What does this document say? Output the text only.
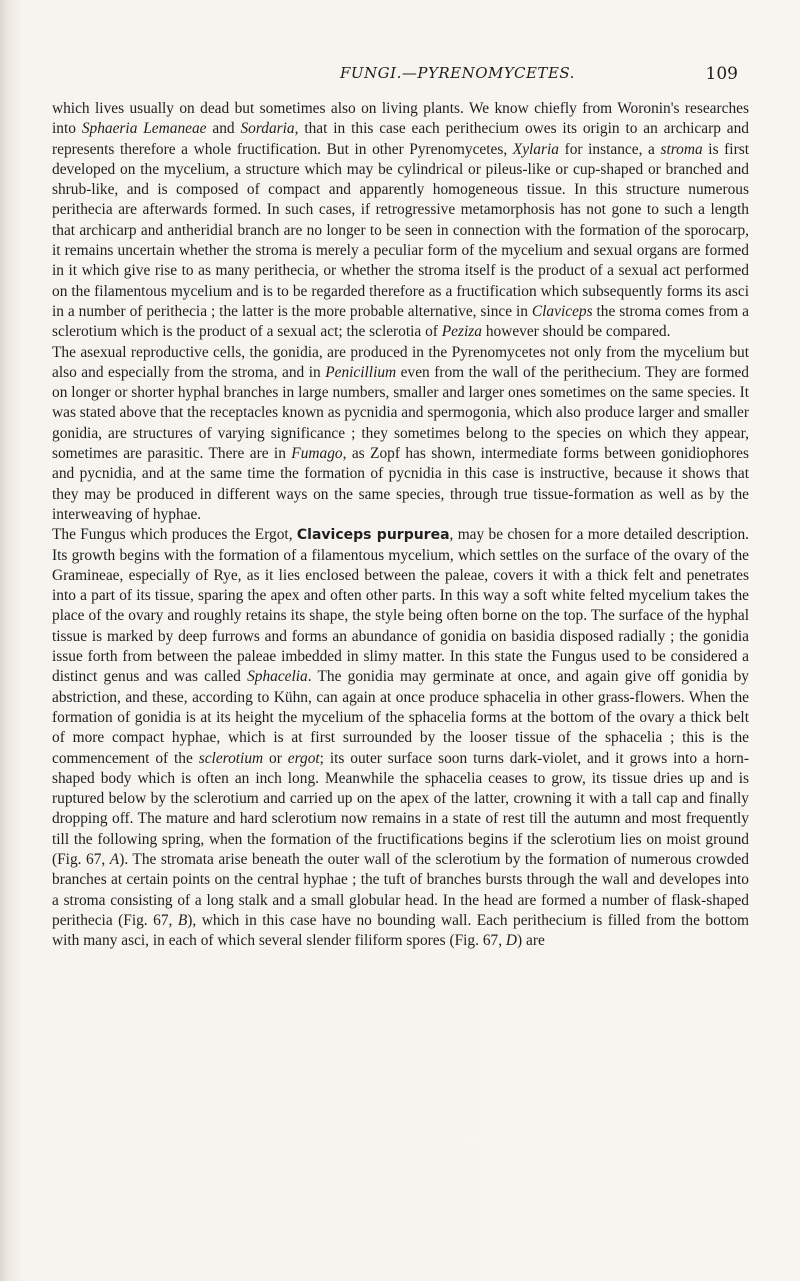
FUNGI.—PYRENOMYCETES.	109

which lives usually on dead but sometimes also on living plants. We know chiefly from Woronin's researches into Sphaeria Lemaneae and Sordaria, that in this case each perithecium owes its origin to an archicarp and represents therefore a whole fructification. But in other Pyrenomycetes, Xylaria for instance, a stroma is first developed on the mycelium, a structure which may be cylindrical or pileus-like or cup-shaped or branched and shrub-like, and is composed of compact and apparently homogeneous tissue. In this structure numerous perithecia are afterwards formed. In such cases, if retrogressive metamorphosis has not gone to such a length that archicarp and antheridial branch are no longer to be seen in connection with the formation of the sporocarp, it remains uncertain whether the stroma is merely a peculiar form of the mycelium and sexual organs are formed in it which give rise to as many perithecia, or whether the stroma itself is the product of a sexual act performed on the filamentous mycelium and is to be regarded therefore as a fructification which subsequently forms its asci in a number of perithecia ; the latter is the more probable alternative, since in Claviceps the stroma comes from a sclerotium which is the product of a sexual act; the sclerotia of Peziza however should be compared.

The asexual reproductive cells, the gonidia, are produced in the Pyrenomycetes not only from the mycelium but also and especially from the stroma, and in Penicillium even from the wall of the perithecium. They are formed on longer or shorter hyphal branches in large numbers, smaller and larger ones sometimes on the same species. It was stated above that the receptacles known as pycnidia and spermogonia, which also produce larger and smaller gonidia, are structures of varying significance ; they sometimes belong to the species on which they appear, sometimes are parasitic. There are in Fumago, as Zopf has shown, intermediate forms between gonidiophores and pycnidia, and at the same time the formation of pycnidia in this case is instructive, because it shows that they may be produced in different ways on the same species, through true tissue-formation as well as by the interweaving of hyphae.

The Fungus which produces the Ergot, Claviceps purpurea, may be chosen for a more detailed description. Its growth begins with the formation of a filamentous mycelium, which settles on the surface of the ovary of the Gramineae, especially of Rye, as it lies enclosed between the paleae, covers it with a thick felt and penetrates into a part of its tissue, sparing the apex and often other parts. In this way a soft white felted mycelium takes the place of the ovary and roughly retains its shape, the style being often borne on the top. The surface of the hyphal tissue is marked by deep furrows and forms an abundance of gonidia on basidia disposed radially ; the gonidia issue forth from between the paleae imbedded in slimy matter. In this state the Fungus used to be considered a distinct genus and was called Sphacelia. The gonidia may germinate at once, and again give off gonidia by abstriction, and these, according to Kühn, can again at once produce sphacelia in other grass-flowers. When the formation of gonidia is at its height the mycelium of the sphacelia forms at the bottom of the ovary a thick belt of more compact hyphae, which is at first surrounded by the looser tissue of the sphacelia ; this is the commencement of the sclerotium or ergot; its outer surface soon turns dark-violet, and it grows into a horn-shaped body which is often an inch long. Meanwhile the sphacelia ceases to grow, its tissue dries up and is ruptured below by the sclerotium and carried up on the apex of the latter, crowning it with a tall cap and finally dropping off. The mature and hard sclerotium now remains in a state of rest till the autumn and most frequently till the following spring, when the formation of the fructifications begins if the sclerotium lies on moist ground (Fig. 67, A). The stromata arise beneath the outer wall of the sclerotium by the formation of numerous crowded branches at certain points on the central hyphae ; the tuft of branches bursts through the wall and developes into a stroma consisting of a long stalk and a small globular head. In the head are formed a number of flask-shaped perithecia (Fig. 67, B), which in this case have no bounding wall. Each perithecium is filled from the bottom with many asci, in each of which several slender filiform spores (Fig. 67, D) are
